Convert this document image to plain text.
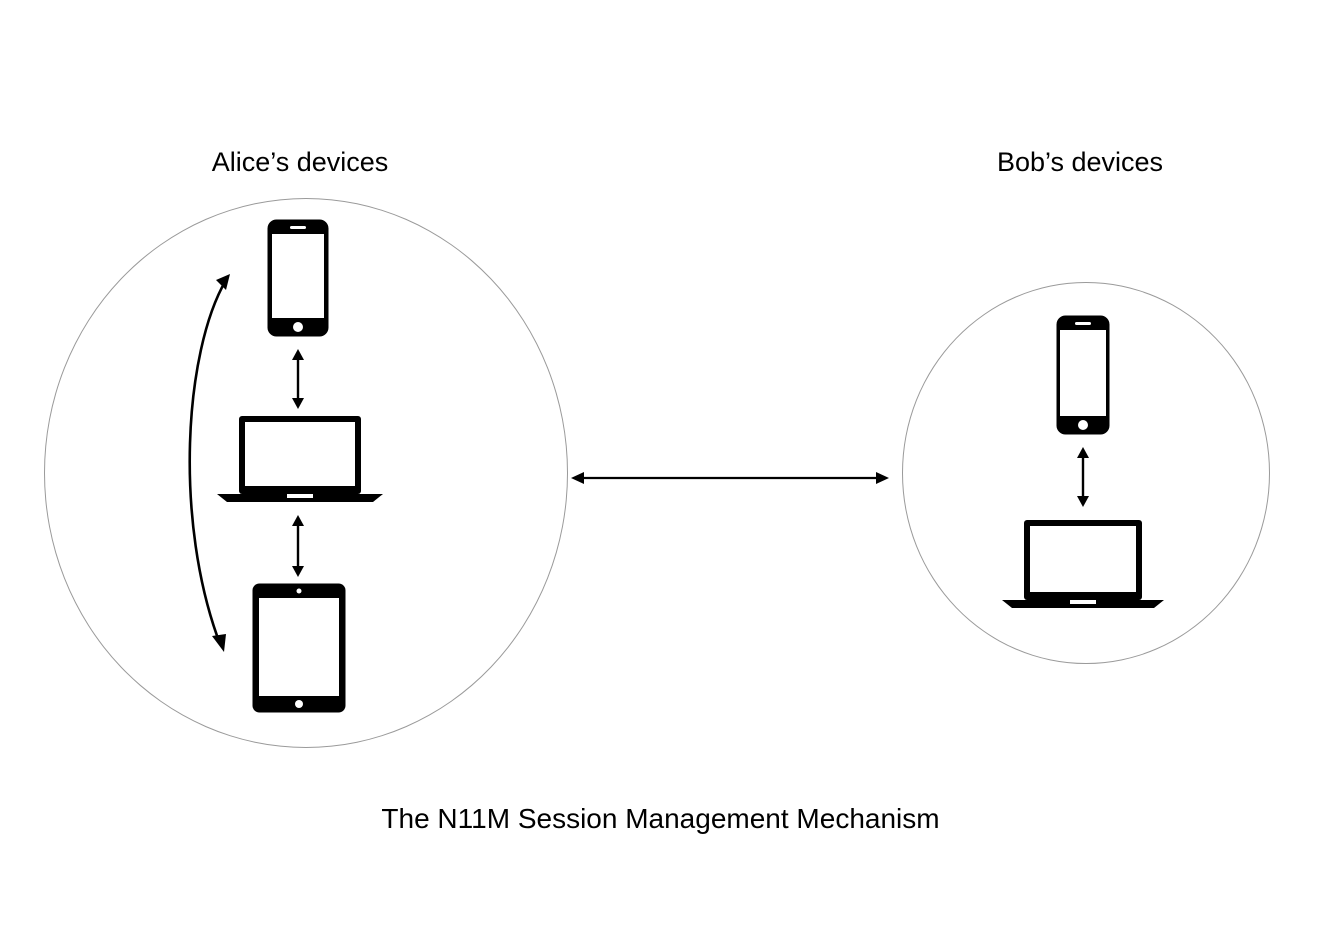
Alice’s devices	Bob’s devices
The N11M Session Management Mechanism
